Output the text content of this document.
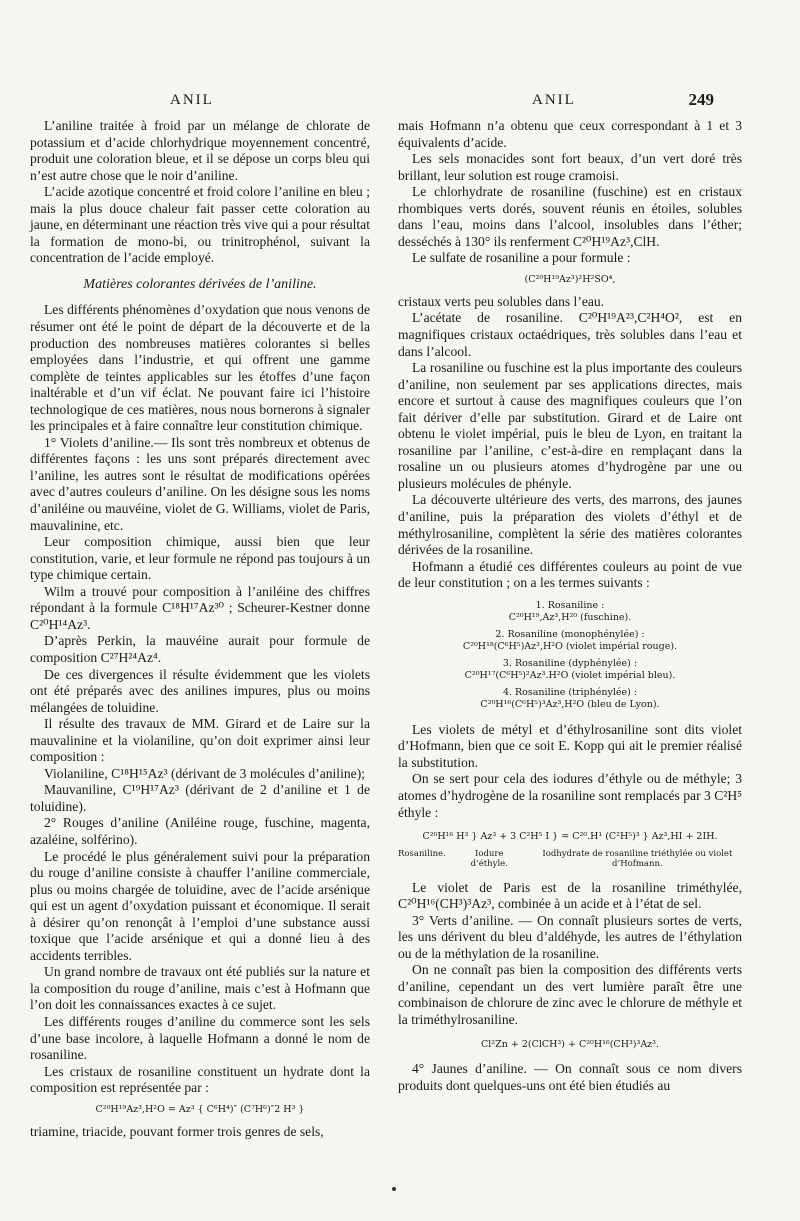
ANIL	ANIL	249

L’aniline traitée à froid par un mélange de chlorate de potassium et d’acide chlorhydrique moyennement concentré, produit une coloration bleue, et il se dépose un corps bleu qui n’est autre chose que le noir d’aniline.

L’acide azotique concentré et froid colore l’aniline en bleu ; mais la plus douce chaleur fait passer cette coloration au jaune, en déterminant une réaction très vive qui a pour résultat la formation de mono-bi, ou trinitrophénol, suivant la concentration de l’acide employé.

Matières colorantes dérivées de l’aniline.

Les différents phénomènes d’oxydation que nous venons de résumer ont été le point de départ de la découverte et de la production des nombreuses matières colorantes si belles employées dans l’industrie, et qui offrent une gamme complète de teintes applicables sur les étoffes d’une façon inaltérable et d’un vif éclat. Ne pouvant faire ici l’histoire technologique de ces matières, nous nous bornerons à signaler les principales et à faire connaître leur constitution chimique.

1° Violets d’aniline.— Ils sont très nombreux et obtenus de différentes façons : les uns sont préparés directement avec l’aniline, les autres sont le résultat de modifications opérées avec d’autres couleurs d’aniline. On les désigne sous les noms d’aniléine ou mauvéine, violet de G. Williams, violet de Paris, mauvalinine, etc.

Leur composition chimique, aussi bien que leur constitution, varie, et leur formule ne répond pas toujours à un type chimique certain.

Wilm a trouvé pour composition à l’aniléine des chiffres répondant à la formule C¹⁸H¹⁷Az³⁰ ; Scheurer-Kestner donne C²⁰H¹⁴Az³.

D’après Perkin, la mauvéine aurait pour formule de composition C²⁷H²⁴Az⁴.

De ces divergences il résulte évidemment que les violets ont été préparés avec des anilines impures, plus ou moins mélangées de toluidine.

Il résulte des travaux de MM. Girard et de Laire sur la mauvalinine et la violaniline, qu’on doit exprimer ainsi leur composition :

Violaniline, C¹⁸H¹⁵Az³ (dérivant de 3 molécules d’aniline);

Mauvaniline, C¹⁹H¹⁷Az³ (dérivant de 2 d’aniline et 1 de toluidine).

2° Rouges d’aniline (Aniléine rouge, fuschine, magenta, azaléine, solférino).

Le procédé le plus généralement suivi pour la préparation du rouge d’aniline consiste à chauffer l’aniline commerciale, plus ou moins chargée de toluidine, avec de l’acide arsénique qui est un agent d’oxydation puissant et économique. Il serait à désirer qu’on renonçât à l’emploi d’une substance aussi toxique que l’acide arsénique et qui a donné lieu à des accidents terribles.

Un grand nombre de travaux ont été publiés sur la nature et la composition du rouge d’aniline, mais c’est à Hofmann que l’on doit les connaissances exactes à ce sujet.

Les différents rouges d’aniline du commerce sont les sels d’une base incolore, à laquelle Hofmann a donné le nom de rosaniline.

Les cristaux de rosaniline constituent un hydrate dont la composition est représentée par :

C²⁰H¹⁹Az³,H²O = Az³ { C⁶H⁴)″ (C⁷H⁶)″2 H³ }

triamine, triacide, pouvant former trois genres de sels,

mais Hofmann n’a obtenu que ceux correspondant à 1 et 3 équivalents d’acide.

Les sels monacides sont fort beaux, d’un vert doré très brillant, leur solution est rouge cramoisi.

Le chlorhydrate de rosaniline (fuschine) est en cristaux rhombiques verts dorés, souvent réunis en étoiles, solubles dans l’eau, moins dans l’alcool, insolubles dans l’éther; desséchés à 130° ils renferment C²⁰H¹⁹Az³,ClH.

Le sulfate de rosaniline a pour formule :

(C²⁰H¹⁹Az³)²H²SO⁴,

cristaux verts peu solubles dans l’eau.

L’acétate de rosaniline. C²⁰H¹⁹A²³,C²H⁴O², est en magnifiques cristaux octaédriques, très solubles dans l’eau et dans l’alcool.

La rosaniline ou fuschine est la plus importante des couleurs d’aniline, non seulement par ses applications directes, mais encore et surtout à cause des magnifiques couleurs que l’on fait dériver d’elle par substitution. Girard et de Laire ont obtenu le violet impérial, puis le bleu de Lyon, en traitant la rosaniline par l’aniline, c’est-à-dire en remplaçant dans la rosaline un ou plusieurs atomes d’hydrogène par une ou plusieurs molécules de phényle.

La découverte ultérieure des verts, des marrons, des jaunes d’aniline, puis la préparation des violets d’éthyl et de méthylrosaniline, complètent la série des matières colorantes dérivées de la rosaniline.

Hofmann a étudié ces différentes couleurs au point de vue de leur constitution ; on a les termes suivants :

1. Rosaniline :
C²⁰H¹⁹,Az³,H²⁰ (fuschine).
2. Rosaniline (monophénylée) :
C²⁰H¹⁸(C⁶H⁵)Az³,H²O (violet impérial rouge).
3. Rosaniline (dyphénylée) :
C²⁰H¹⁷(C⁶H⁵)²Az³.H²O (violet impérial bleu).
4. Rosaniline (triphénylée) :
C²⁰H¹⁶(C⁶H⁵)³Az³,H²O (bleu de Lyon).

Les violets de métyl et d’éthylrosaniline sont dits violet d’Hofmann, bien que ce soit E. Kopp qui ait le premier réalisé la substitution.

On se sert pour cela des iodures d’éthyle ou de méthyle; 3 atomes d’hydrogène de la rosaniline sont remplacés par 3 C²H⁵ éthyle :

C²⁰H¹⁶ H³ } Az³ + 3 C²H⁵ I } = C²⁰.H¹ (C²H⁵)³ } Az³,HI + 2IH.
Rosaniline.	Iodure d’éthyle.
Iodhydrate de rosaniline triéthylée ou violet d’Hofmann.

Le violet de Paris est de la rosaniline triméthylée, C²⁰H¹⁶(CH³)³Az³, combinée à un acide et à l’état de sel.

3° Verts d’aniline. — On connaît plusieurs sortes de verts, les uns dérivent du bleu d’aldéhyde, les autres de l’éthylation ou de la méthylation de la rosaniline.

On ne connaît pas bien la composition des différents verts d’aniline, cependant un des vert lumière paraît être une combinaison de chlorure de zinc avec le chlorure de méthyle et la triméthylrosaniline.

Cl²Zn + 2(ClCH³) + C²⁰H¹⁶(CH³)³Az³.

4° Jaunes d’aniline. — On connaît sous ce nom divers produits dont quelques-uns ont été bien étudiés au
